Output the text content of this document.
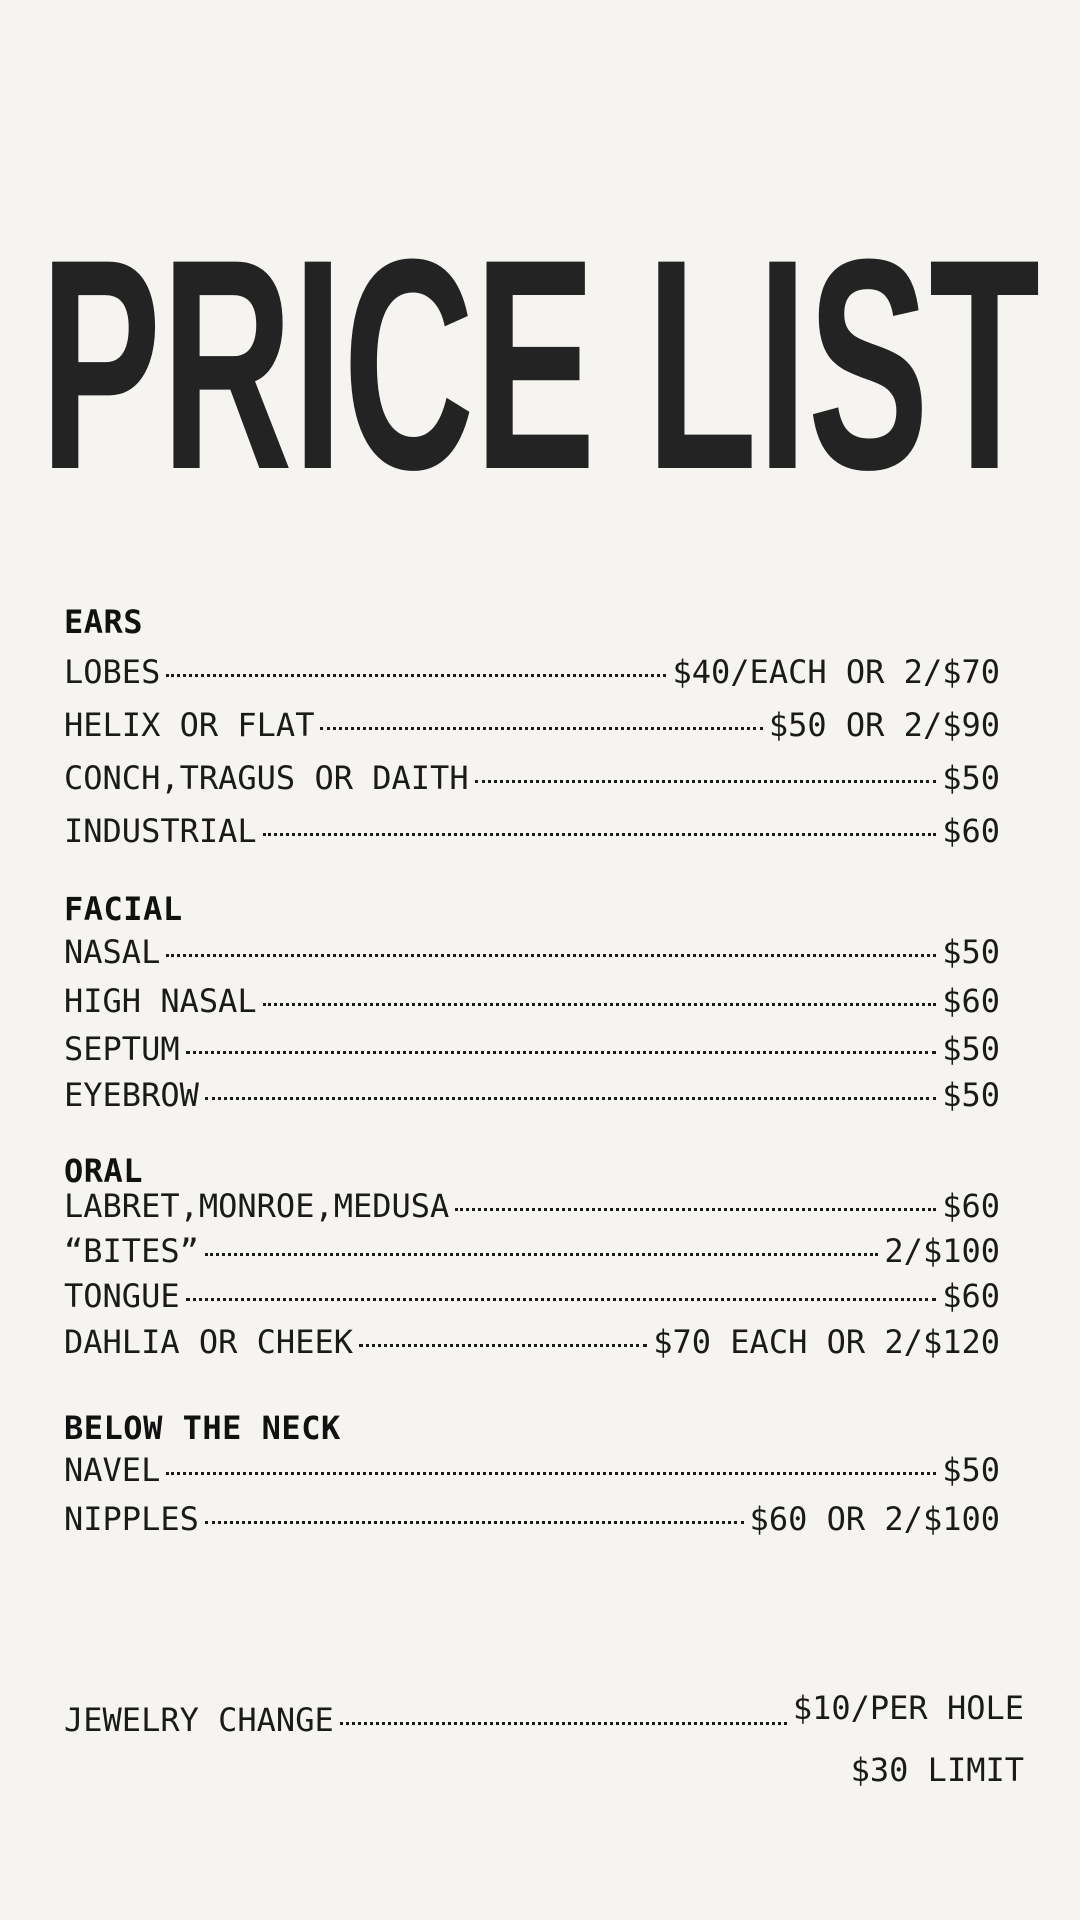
PRICE LIST
EARS
LOBES	$40/EACH OR 2/$70
HELIX OR FLAT	$50 OR 2/$90
CONCH,TRAGUS OR DAITH	$50
INDUSTRIAL	$60
FACIAL
NASAL	$50
HIGH NASAL	$60
SEPTUM	$50
EYEBROW	$50
ORAL
LABRET,MONROE,MEDUSA	$60
“BITES”	2/$100
TONGUE	$60
DAHLIA OR CHEEK	$70 EACH OR 2/$120
BELOW THE NECK
NAVEL	$50
NIPPLES	$60 OR 2/$100
JEWELRY CHANGE	$10/PER HOLE
$30 LIMIT
